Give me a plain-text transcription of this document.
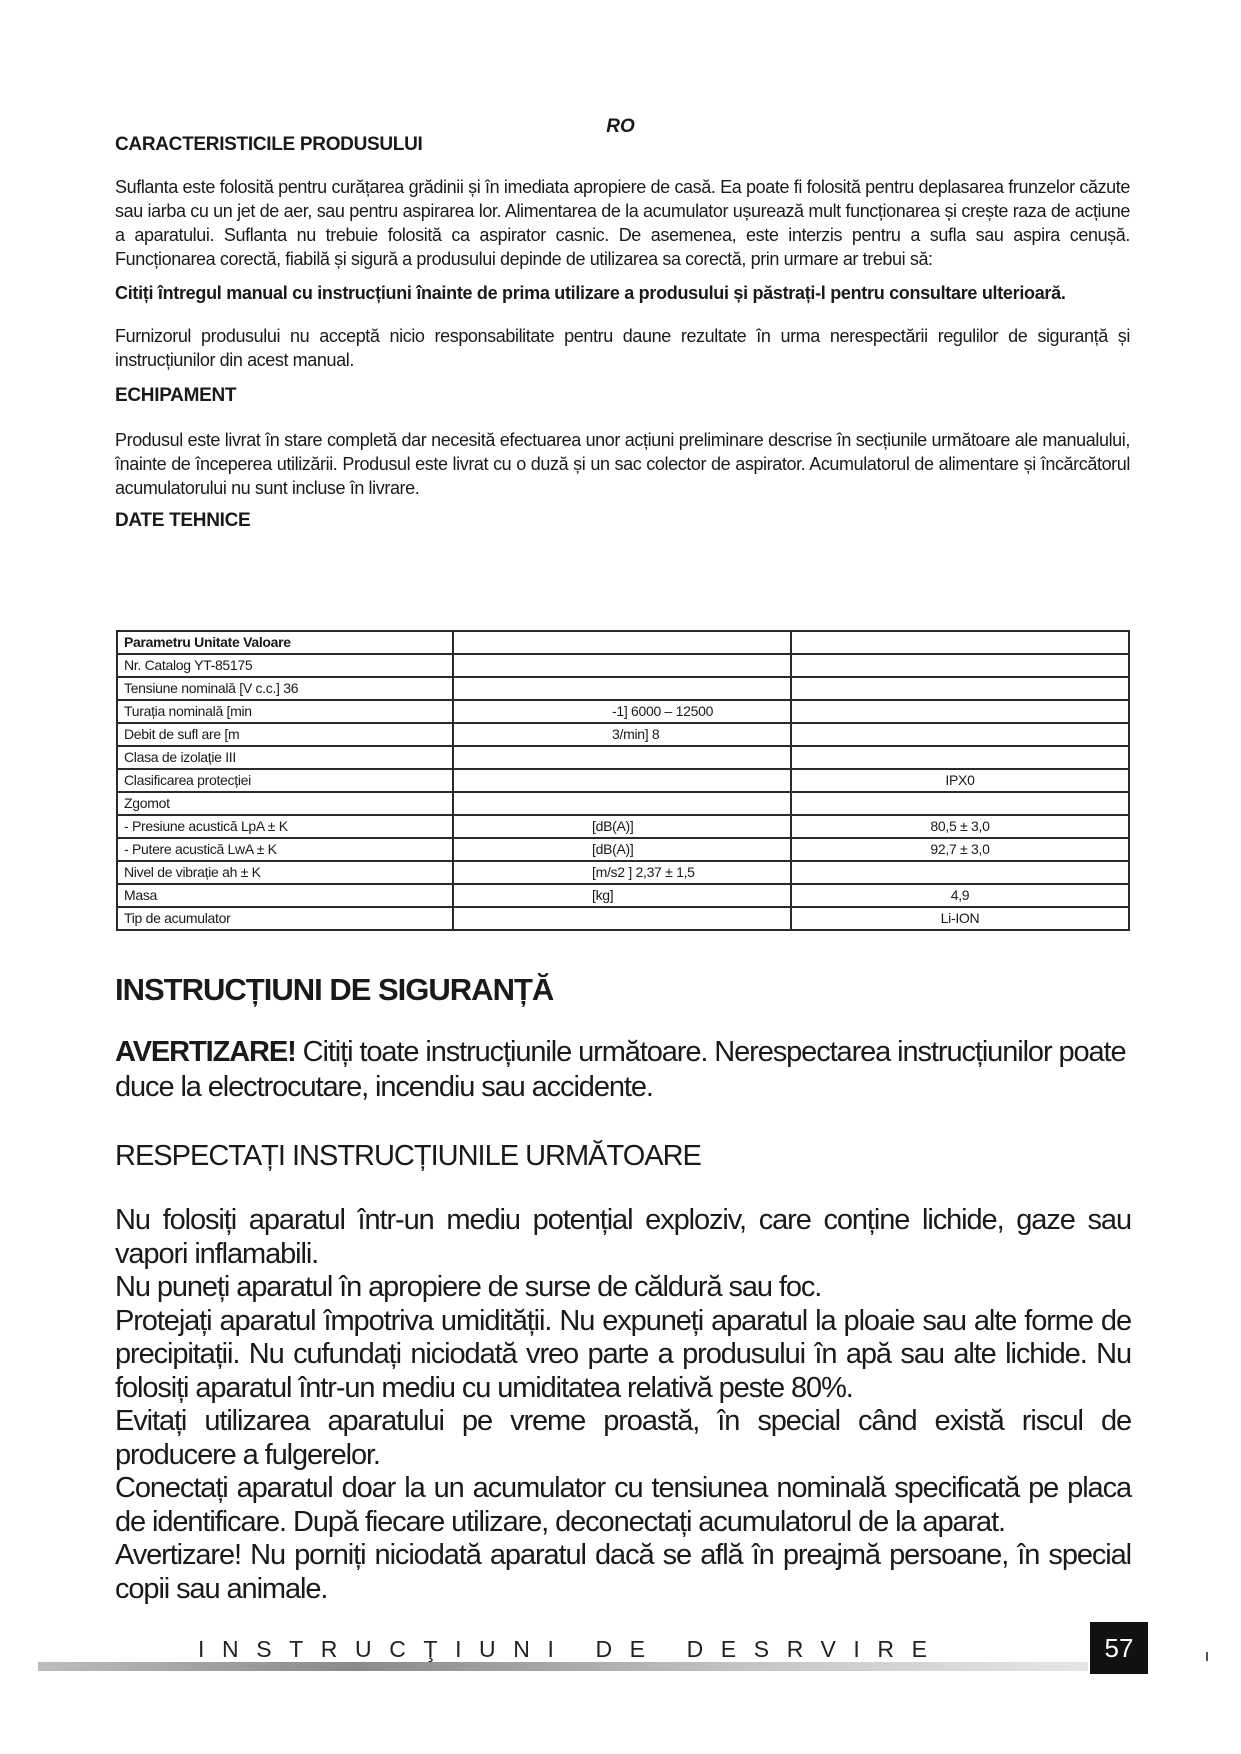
RO
CARACTERISTICILE PRODUSULUI

Suflanta este folosită pentru curățarea grădinii și în imediata apropiere de casă. Ea poate fi folosită pentru deplasarea frunzelor căzute sau iarba cu un jet de aer, sau pentru aspirarea lor. Alimentarea de la acumulator ușurează mult funcționarea și crește raza de acțiune a aparatului. Suflanta nu trebuie folosită ca aspirator casnic. De asemenea, este interzis pentru a sufla sau aspira cenușă. Funcționarea corectă, fiabilă și sigură a produsului depinde de utilizarea sa corectă, prin urmare ar trebui să:

Citiți întregul manual cu instrucțiuni înainte de prima utilizare a produsului și păstrați-l pentru consultare ulterioară.

Furnizorul produsului nu acceptă nicio responsabilitate pentru daune rezultate în urma nerespectării regulilor de siguranță și instrucțiunilor din acest manual.

ECHIPAMENT

Produsul este livrat în stare completă dar necesită efectuarea unor acțiuni preliminare descrise în secțiunile următoare ale manualului, înainte de începerea utilizării. Produsul este livrat cu o duză și un sac colector de aspirator. Acumulatorul de alimentare și încărcătorul acumulatorului nu sunt incluse în livrare.

DATE TEHNICE
Parametru Unitate Valoare		
Nr. Catalog YT-85175		
Tensiune nominală [V c.c.] 36		
Turația nominală [min	-1] 6000 – 12500	
Debit de sufl are [m	3/min] 8	
Clasa de izolație III		
Clasificarea protecției		IPX0
Zgomot		
- Presiune acustică LpA ± K	[dB(A)]	80,5 ± 3,0
- Putere acustică LwA ± K	[dB(A)]	92,7 ± 3,0
Nivel de vibrație ah ± K	[m/s2 ] 2,37 ± 1,5	
Masa	[kg]	4,9
Tip de acumulator		Li-ION
INSTRUCȚIUNI DE SIGURANȚĂ

AVERTIZARE! Citiți toate instrucțiunile următoare. Nerespectarea instrucțiunilor poate duce la electrocutare, incendiu sau accidente.

RESPECTAȚI INSTRUCȚIUNILE URMĂTOARE

Nu folosiți aparatul într-un mediu potențial exploziv, care conține lichide, gaze sau vapori inflamabili.

Nu puneți aparatul în apropiere de surse de căldură sau foc.

Protejați aparatul împotriva umidității. Nu expuneți aparatul la ploaie sau alte forme de precipitații. Nu cufundați niciodată vreo parte a produsului în apă sau alte lichide. Nu folosiți aparatul într-un mediu cu umiditatea relativă peste 80%.

Evitați utilizarea aparatului pe vreme proastă, în special când există riscul de producere a fulgerelor.

Conectați aparatul doar la un acumulator cu tensiunea nominală specificată pe placa de identificare. După fiecare utilizare, deconectați acumulatorul de la aparat.

Avertizare! Nu porniți niciodată aparatul dacă se află în preajmă persoane, în special copii sau animale.

INSTRUCŢIUNI DE DESRVIRE	57
